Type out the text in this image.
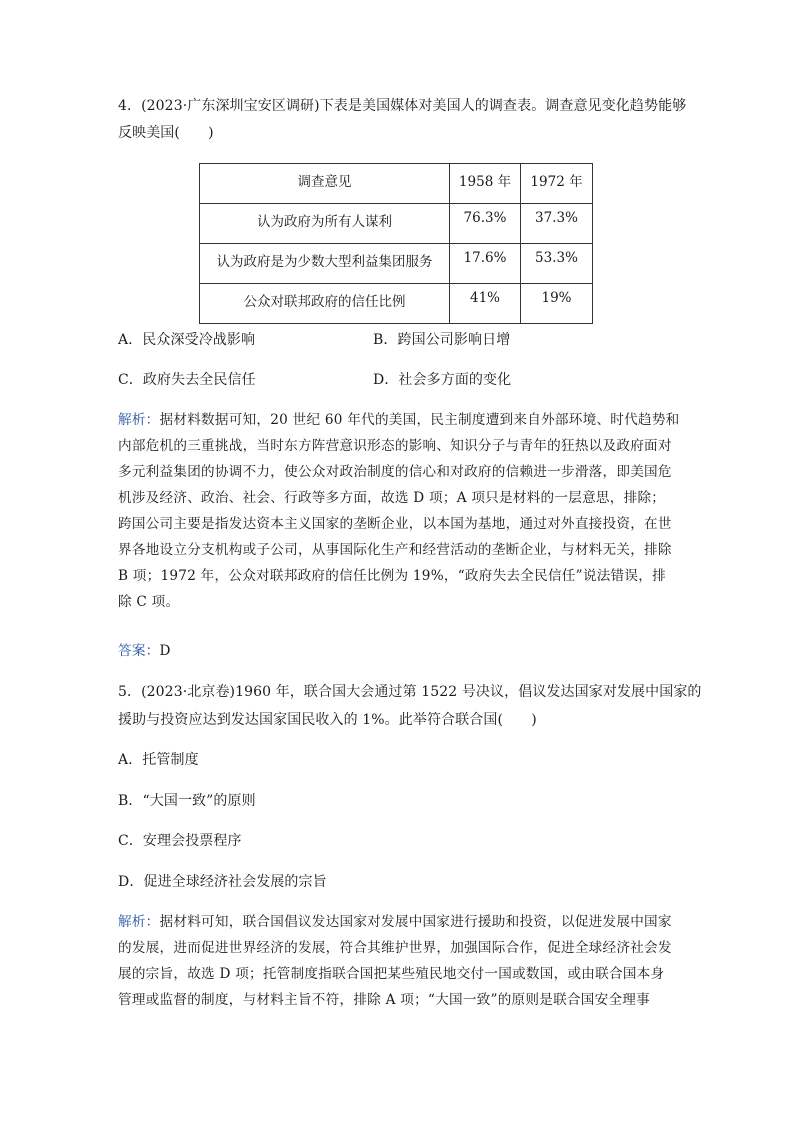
4．(2023·广东深圳宝安区调研)下表是美国媒体对美国人的调查表。调查意见变化趋势能够
反映美国(　　)
调查意见	1958 年	1972 年
认为政府为所有人谋利	76.3%	37.3%
认为政府是为少数大型利益集团服务	17.6%	53.3%
公众对联邦政府的信任比例	41%	19%
A．民众深受冷战影响	B．跨国公司影响日增
C．政府失去全民信任	D．社会多方面的变化
解析：据材料数据可知，20 世纪 60 年代的美国，民主制度遭到来自外部环境、时代趋势和
内部危机的三重挑战，当时东方阵营意识形态的影响、知识分子与青年的狂热以及政府面对
多元利益集团的协调不力，使公众对政治制度的信心和对政府的信赖进一步滑落，即美国危
机涉及经济、政治、社会、行政等多方面，故选 D 项；A 项只是材料的一层意思，排除；
跨国公司主要是指发达资本主义国家的垄断企业，以本国为基地，通过对外直接投资，在世
界各地设立分支机构或子公司，从事国际化生产和经营活动的垄断企业，与材料无关，排除
B 项；1972 年，公众对联邦政府的信任比例为 19%，“政府失去全民信任”说法错误，排
除 C 项。
答案：D
5．(2023·北京卷)1960 年，联合国大会通过第 1522 号决议，倡议发达国家对发展中国家的
援助与投资应达到发达国家国民收入的 1%。此举符合联合国(　　)
A．托管制度
B．“大国一致”的原则
C．安理会投票程序
D．促进全球经济社会发展的宗旨
解析：据材料可知，联合国倡议发达国家对发展中国家进行援助和投资，以促进发展中国家
的发展，进而促进世界经济的发展，符合其维护世界，加强国际合作，促进全球经济社会发
展的宗旨，故选 D 项；托管制度指联合国把某些殖民地交付一国或数国，或由联合国本身
管理或监督的制度，与材料主旨不符，排除 A 项；“大国一致”的原则是联合国安全理事
